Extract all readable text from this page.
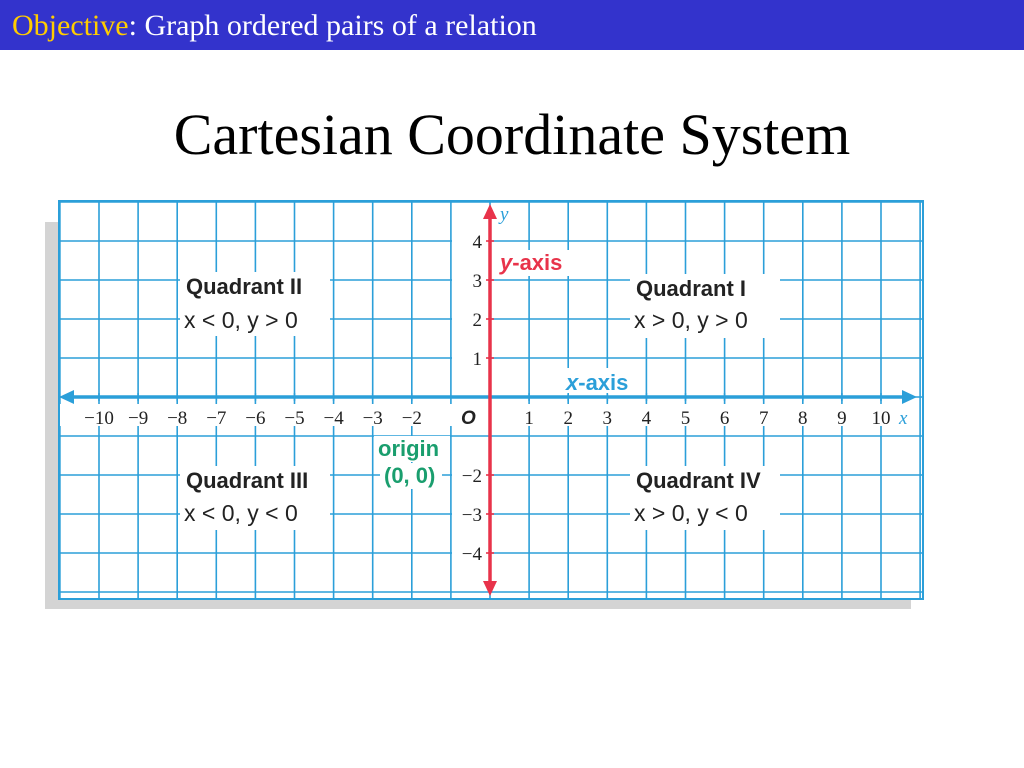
Objective: Graph ordered pairs of a relation
Cartesian Coordinate System
−10 −9 −8 −7 −6 −5 −4 −3 −2	1 2 3 4 5 6 7 8 9 10
4
3
2
1
−2
−3
−4
y
x
O
y-axis
x-axis
origin
(0, 0)
Quadrant II
x < 0, y > 0
Quadrant I
x > 0, y > 0
Quadrant III
x < 0, y < 0
Quadrant IV
x > 0, y < 0
